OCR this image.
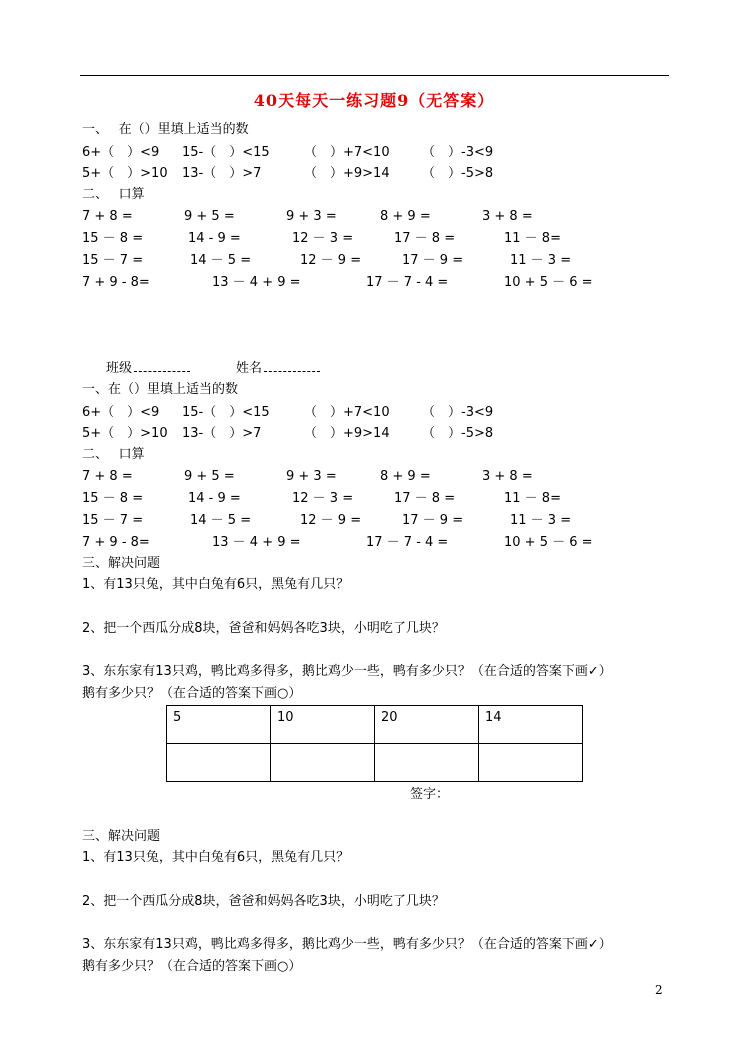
40天每天一练习题9（无答案）
一、　 在（）里填上适当的数
6+（　）<9 15-（　）<15	（　）+7<10 （　）-3<9
5+（　）>10 13-（　）>7	（　）+9>14 （　）-5>8
二、　 口算
7 + 8 =	9 + 5 =	9 + 3 =	8 + 9 =	3 + 8 =
15 － 8 =	14 - 9 =	12 － 3 =	17 － 8 =	11 － 8=
15 － 7 =	14 － 5 =	12 － 9 =	17 － 9 =	11 － 3 =
7 + 9 - 8=	13 － 4 + 9 =	17 － 7 - 4 =	10 + 5 － 6 =
班级	姓名
一、在（）里填上适当的数
6+（　）<9 15-（　）<15	（　）+7<10 （　）-3<9
5+（　）>10 13-（　）>7	（　）+9>14 （　）-5>8
二、　 口算
7 + 8 =	9 + 5 =	9 + 3 =	8 + 9 =	3 + 8 =
15 － 8 =	14 - 9 =	12 － 3 =	17 － 8 =	11 － 8=
15 － 7 =	14 － 5 =	12 － 9 =	17 － 9 =	11 － 3 =
7 + 9 - 8=	13 － 4 + 9 =	17 － 7 - 4 =	10 + 5 － 6 =
三、解决问题
1、有13只兔，其中白兔有6只，黑兔有几只？
2、把一个西瓜分成8块，爸爸和妈妈各吃3块，小明吃了几块？
3、东东家有13只鸡，鸭比鸡多得多，鹅比鸡少一些，鸭有多少只？（在合适的答案下画✓）
鹅有多少只？（在合适的答案下画○）
5	10	20	14

签字：
三、解决问题
1、有13只兔，其中白兔有6只，黑兔有几只？
2、把一个西瓜分成8块，爸爸和妈妈各吃3块，小明吃了几块？
3、东东家有13只鸡，鸭比鸡多得多，鹅比鸡少一些，鸭有多少只？（在合适的答案下画✓）
鹅有多少只？（在合适的答案下画○）
2
